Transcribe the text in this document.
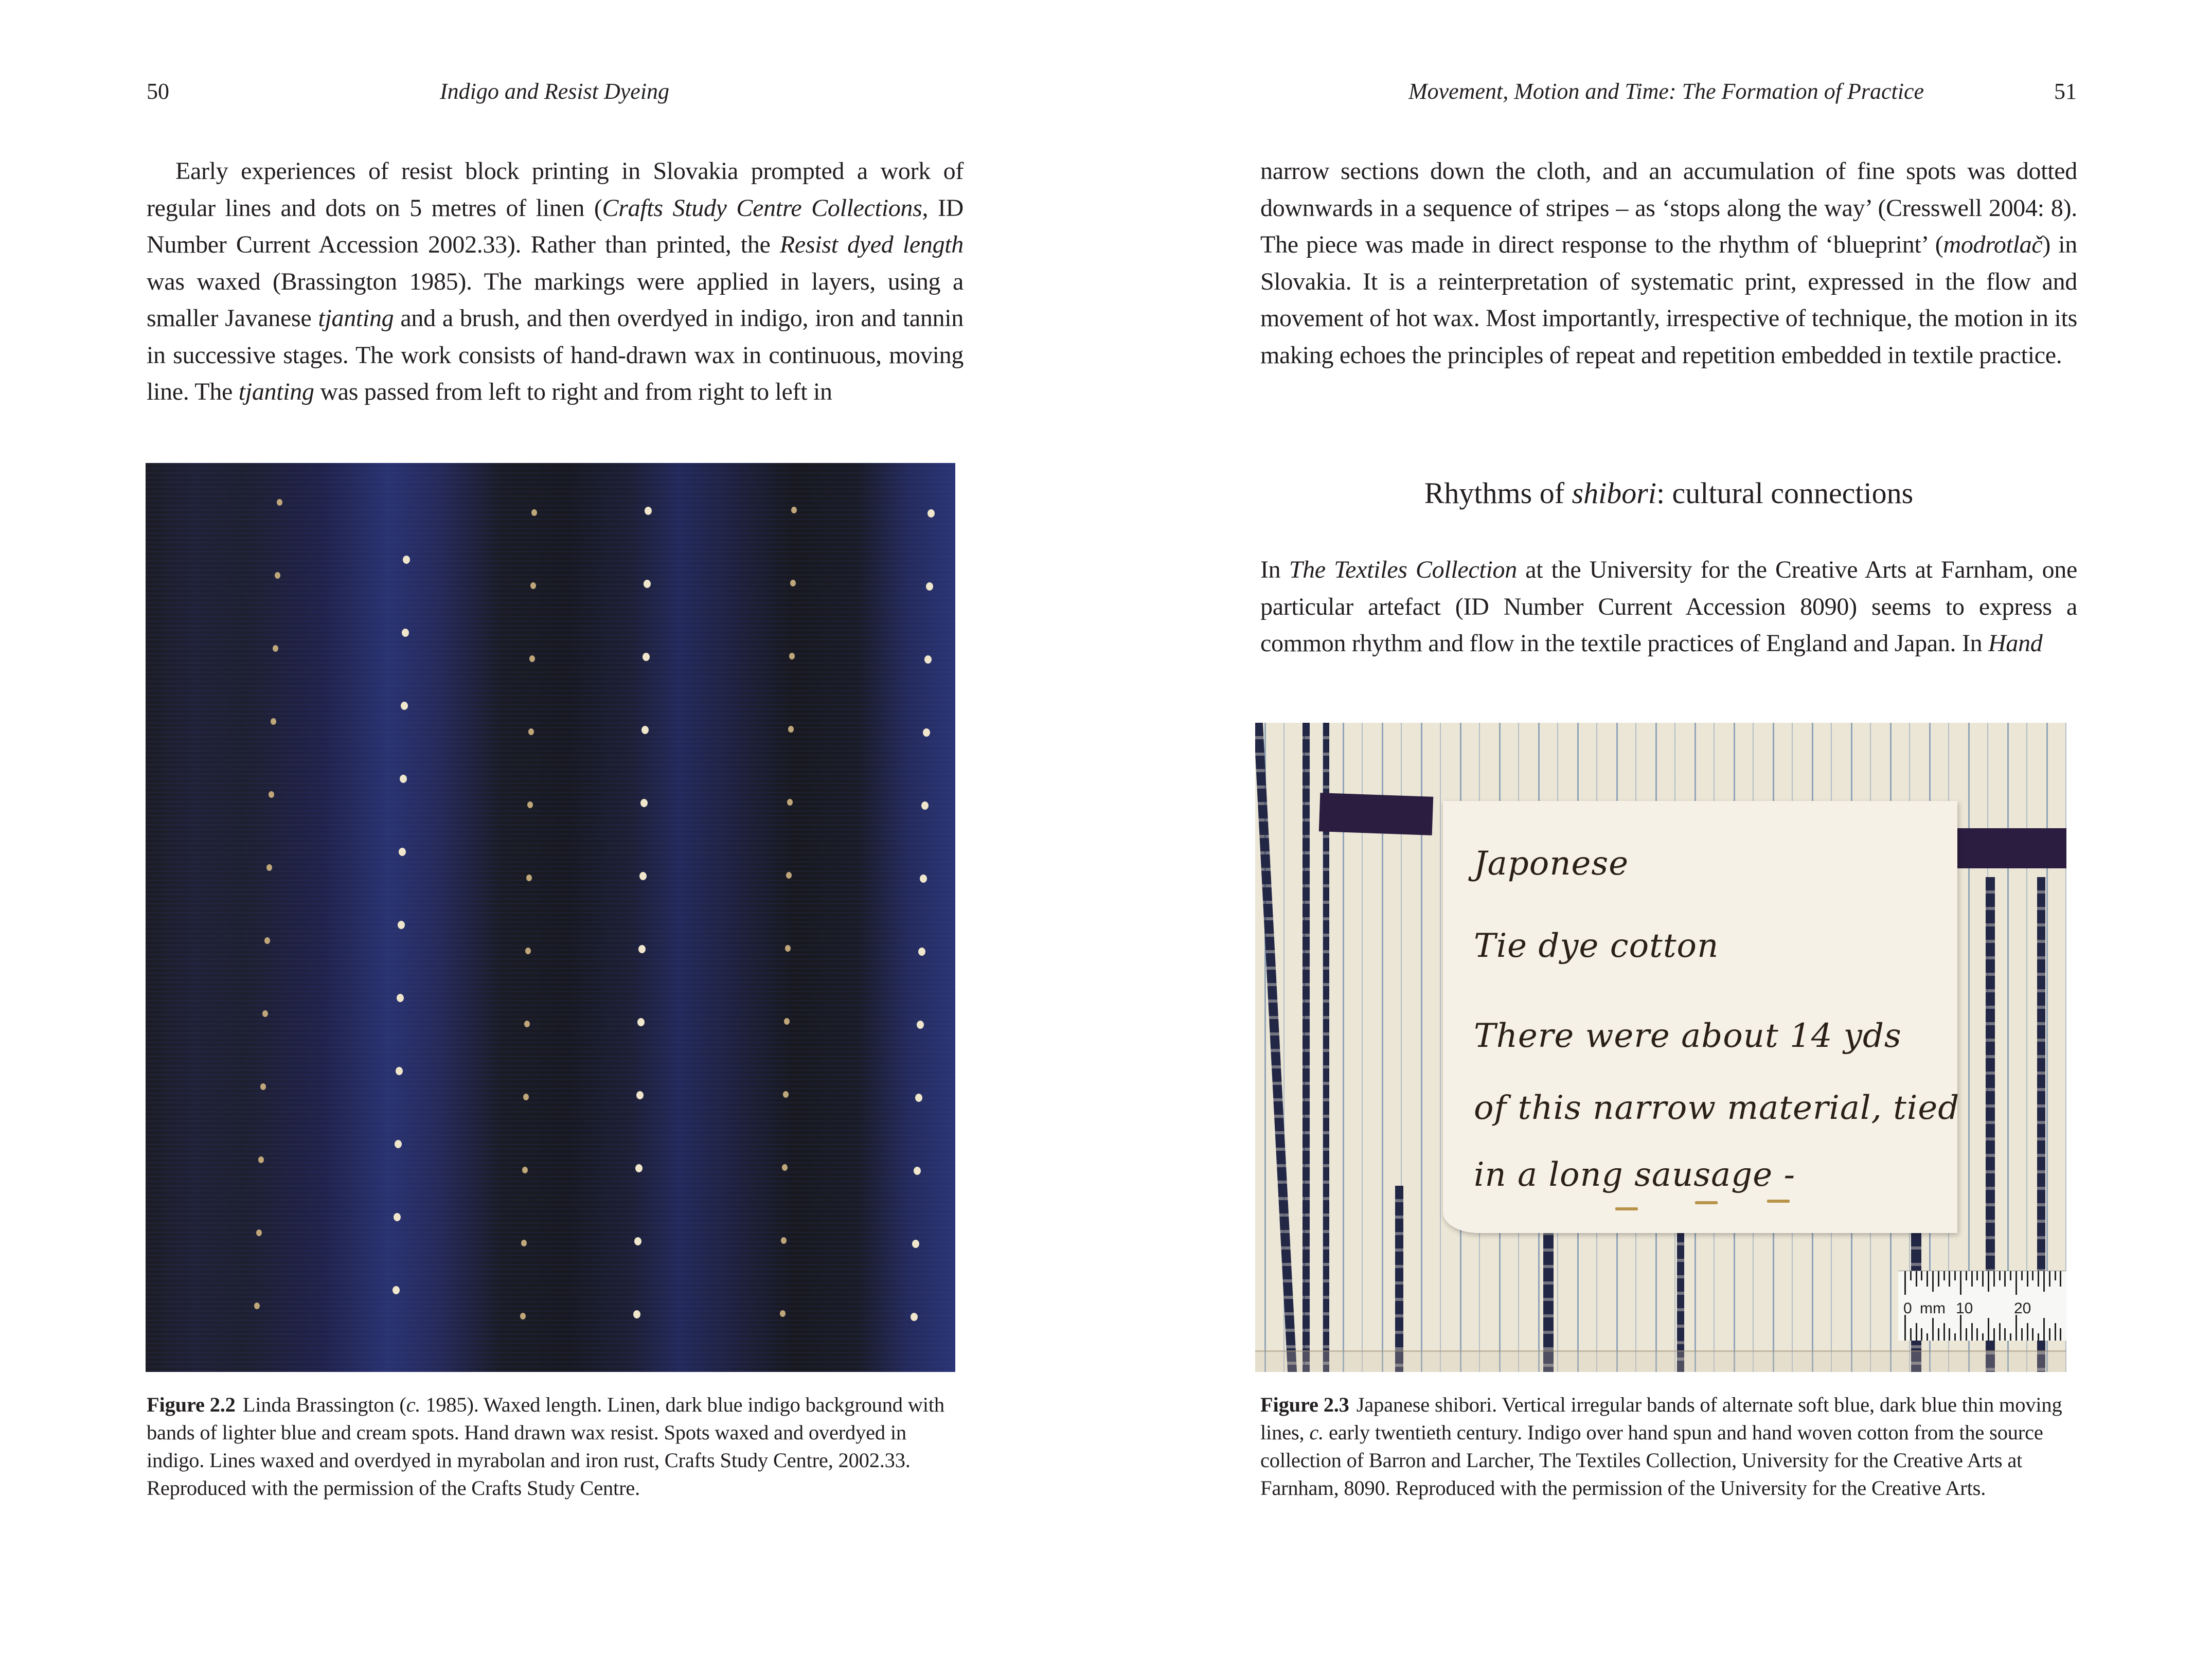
50	Indigo and Resist Dyeing

Early experiences of resist block printing in Slovakia prompted a work of regular lines and dots on 5 metres of linen (Crafts Study Centre Collections, ID Number Current Accession 2002.33). Rather than printed, the Resist dyed length was waxed (Brassington 1985). The markings were applied in layers, using a smaller Javanese tjanting and a brush, and then overdyed in indigo, iron and tannin in successive stages. The work consists of hand-drawn wax in continuous, moving line. The tjanting was passed from left to right and from right to left in

Figure 2.2 Linda Brassington (c. 1985). Waxed length. Linen, dark blue indigo background with bands of lighter blue and cream spots. Hand drawn wax resist. Spots waxed and overdyed in indigo. Lines waxed and overdyed in myrabolan and iron rust, Crafts Study Centre, 2002.33. Reproduced with the permission of the Crafts Study Centre.
Movement, Motion and Time: The Formation of Practice	51

narrow sections down the cloth, and an accumulation of fine spots was dotted downwards in a sequence of stripes – as ‘stops along the way’ (Cresswell 2004: 8). The piece was made in direct response to the rhythm of ‘blueprint’ (modrotlač) in Slovakia. It is a reinterpretation of systematic print, expressed in the flow and movement of hot wax. Most importantly, irrespective of technique, the motion in its making echoes the principles of repeat and repetition embedded in textile practice.

Rhythms of shibori: cultural connections

In The Textiles Collection at the University for the Creative Arts at Farnham, one particular artefact (ID Number Current Accession 8090) seems to express a common rhythm and flow in the textile practices of England and Japan. In Hand

Japonese
Tie dye cotton
There were about 14 yds
of this narrow material, tied
in a long sausage -
0 mm 10	20
Figure 2.3 Japanese shibori. Vertical irregular bands of alternate soft blue, dark blue thin moving lines, c. early twentieth century. Indigo over hand spun and hand woven cotton from the source collection of Barron and Larcher, The Textiles Collection, University for the Creative Arts at Farnham, 8090. Reproduced with the permission of the University for the Creative Arts.
